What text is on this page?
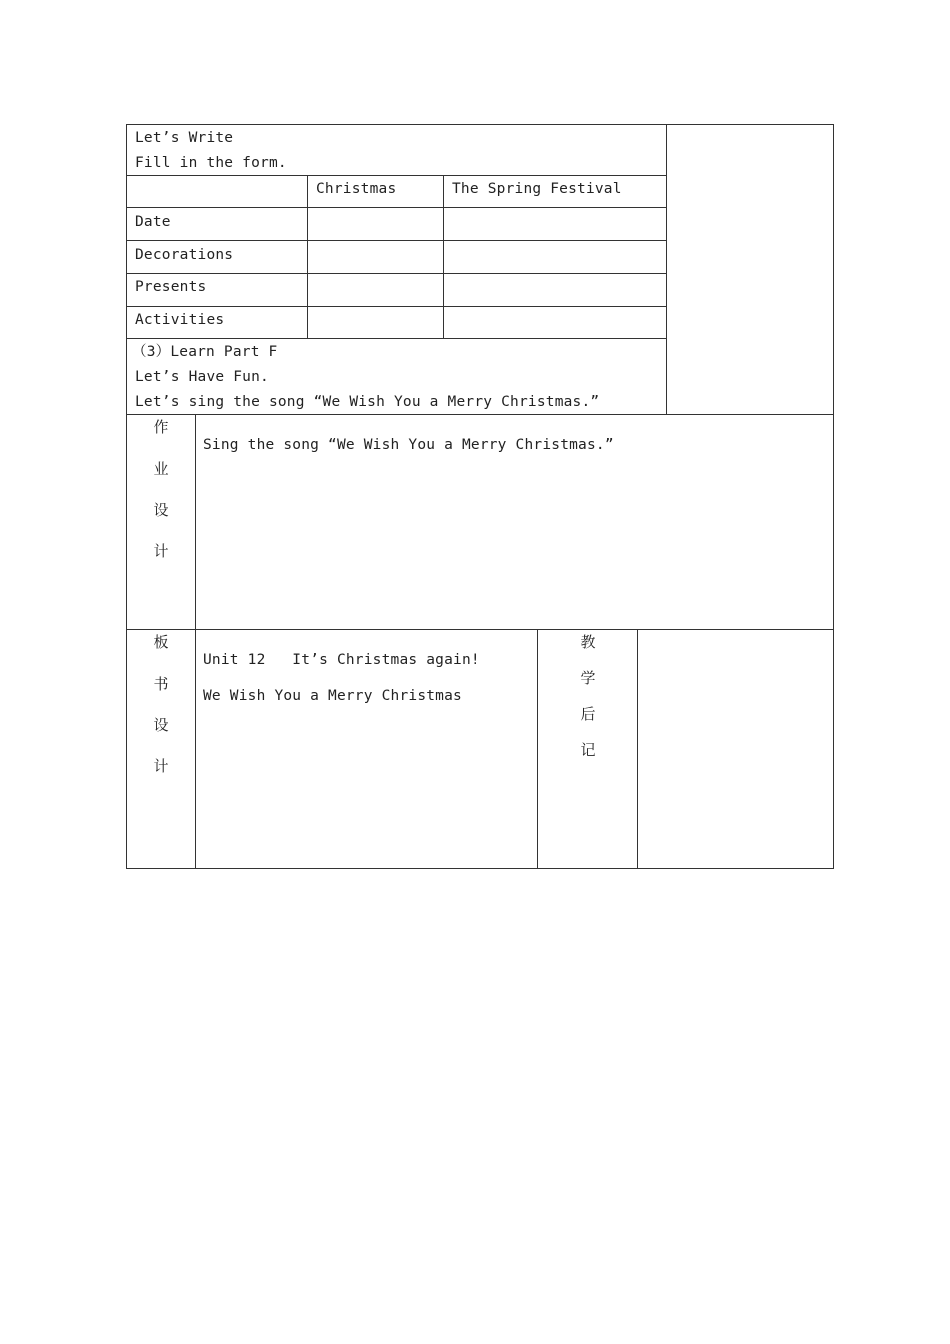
Let’s Write
Fill in the form.
Christmas	The Spring Festival
Date
Decorations
Presents
Activities
（3）Learn Part F
Let’s Have Fun.
Let’s sing the song “We Wish You a Merry Christmas.”
作
业
设
计
Sing the song “We Wish You a Merry Christmas.”
板
书
设
计
Unit 12   It’s Christmas again!
We Wish You a Merry Christmas
教
学
后
记
